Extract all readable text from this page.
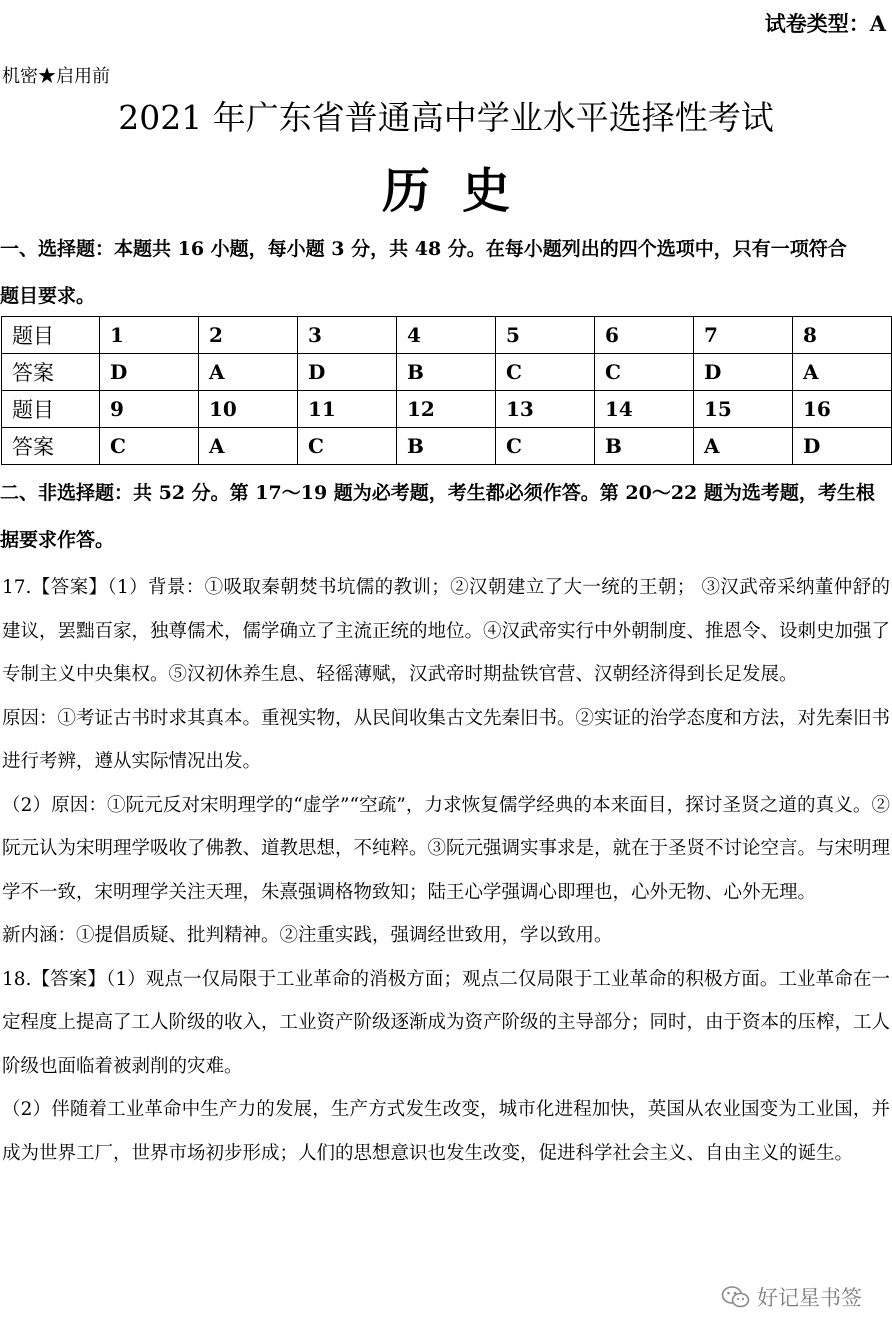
试卷类型：A
机密★启用前
2021 年广东省普通高中学业水平选择性考试
历史
一、选择题：本题共 16 小题，每小题 3 分，共 48 分。在每小题列出的四个选项中，只有一项符合
题目要求。
题目	1	2	3	4	5	6	7	8
答案	D	A	D	B	C	C	D	A
题目	9	10	11	12	13	14	15	16
答案	C	A	C	B	C	B	A	D
二、非选择题：共 52 分。第 17～19 题为必考题，考生都必须作答。第 20～22 题为选考题，考生根
据要求作答。

17.【答案】（1）背景：①吸取秦朝焚书坑儒的教训；②汉朝建立了大一统的王朝； ③汉武帝采纳董仲舒的建议，罢黜百家，独尊儒术，儒学确立了主流正统的地位。④汉武帝实行中外朝制度、推恩令、设刺史加强了专制主义中央集权。⑤汉初休养生息、轻徭薄赋，汉武帝时期盐铁官营、汉朝经济得到长足发展。

原因：①考证古书时求其真本。重视实物，从民间收集古文先秦旧书。②实证的治学态度和方法，对先秦旧书进行考辨，遵从实际情况出发。

（2）原因：①阮元反对宋明理学的“虚学”“空疏”，力求恢复儒学经典的本来面目，探讨圣贤之道的真义。②阮元认为宋明理学吸收了佛教、道教思想，不纯粹。③阮元强调实事求是，就在于圣贤不讨论空言。与宋明理学不一致，宋明理学关注天理，朱熹强调格物致知；陆王心学强调心即理也，心外无物、心外无理。

新内涵：①提倡质疑、批判精神。②注重实践，强调经世致用，学以致用。

18.【答案】（1）观点一仅局限于工业革命的消极方面；观点二仅局限于工业革命的积极方面。工业革命在一定程度上提高了工人阶级的收入，工业资产阶级逐渐成为资产阶级的主导部分；同时，由于资本的压榨，工人阶级也面临着被剥削的灾难。

（2）伴随着工业革命中生产力的发展，生产方式发生改变，城市化进程加快，英国从农业国变为工业国，并成为世界工厂，世界市场初步形成；人们的思想意识也发生改变，促进科学社会主义、自由主义的诞生。

好记星书签
